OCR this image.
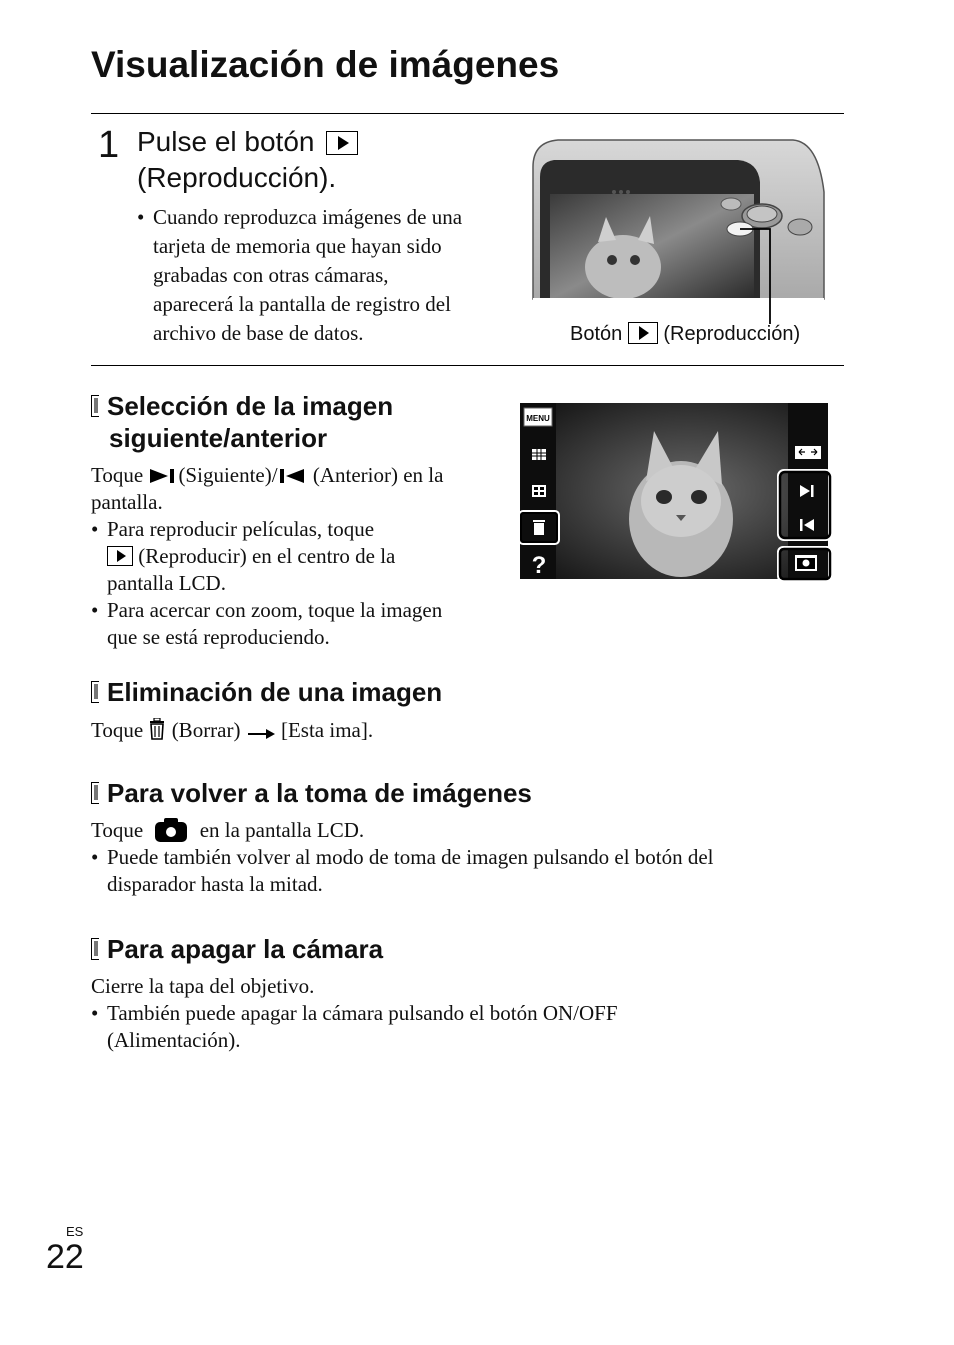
Visualización de imágenes
1 Pulse el botón
(Reproducción).
• Cuando reproduzca imágenes de una
tarjeta de memoria que hayan sido
grabadas con otras cámaras,
aparecerá la pantalla de registro del
archivo de base de datos.	Botón (Reproducción)
Selección de la imagen
siguiente/anterior
Toque (Siguiente)/ (Anterior) en la
pantalla.
• Para reproducir películas, toque
(Reproducir) en el centro de la
pantalla LCD.
• Para acercar con zoom, toque la imagen
que se está reproduciendo.
MENU
?
Eliminación de una imagen
Toque (Borrar) [Esta ima].
Para volver a la toma de imágenes
Toque	en la pantalla LCD.
• Puede también volver al modo de toma de imagen pulsando el botón del
disparador hasta la mitad.
Para apagar la cámara
Cierre la tapa del objetivo.
• También puede apagar la cámara pulsando el botón ON/OFF
(Alimentación).
ES
22
